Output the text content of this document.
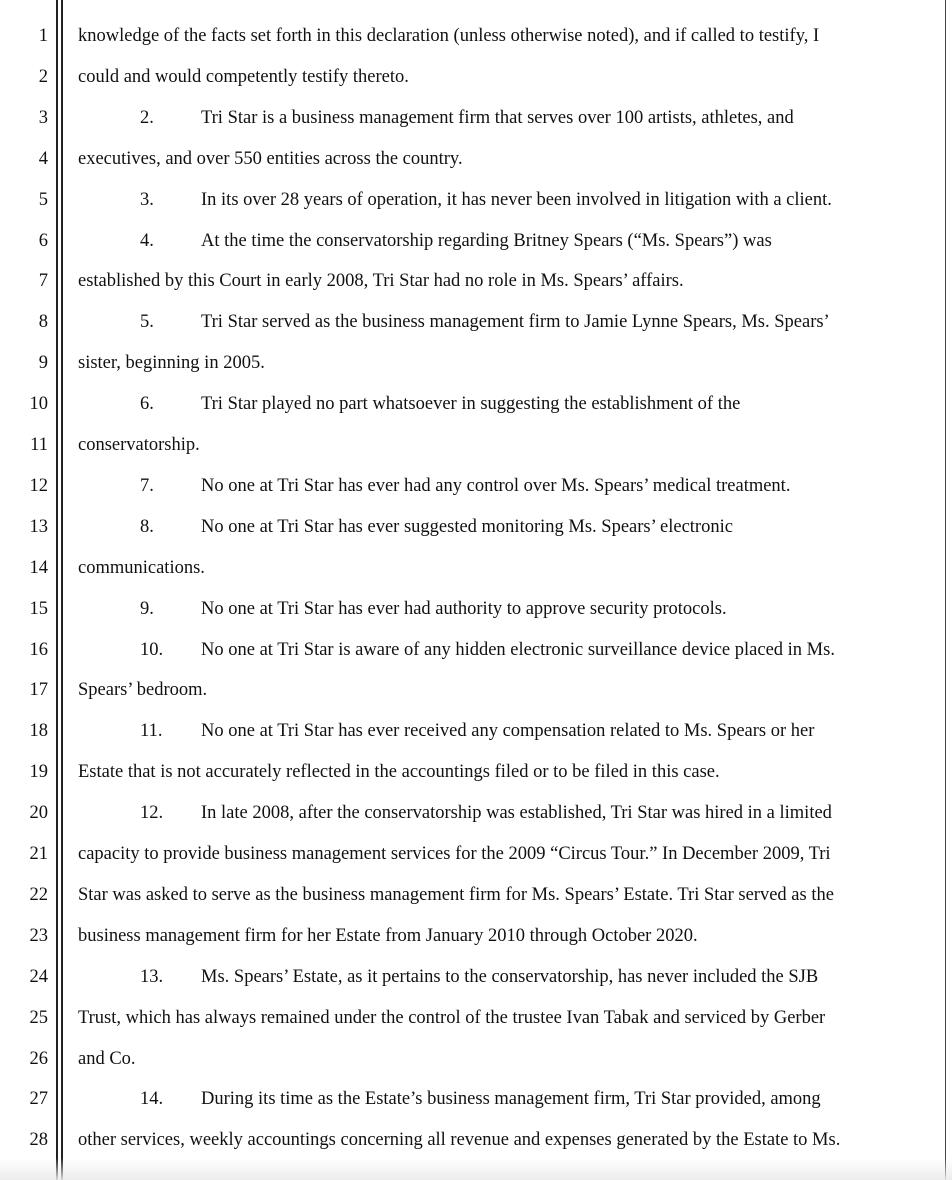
1
2
3
4
5
6
7
8
9
10
11
12
13
14
15
16
17
18
19
20
21
22
23
24
25
26
27
28
knowledge of the facts set forth in this declaration (unless otherwise noted), and if called to testify, I
could and would competently testify thereto.
2.	Tri Star is a business management firm that serves over 100 artists, athletes, and
executives, and over 550 entities across the country.
3.	In its over 28 years of operation, it has never been involved in litigation with a client.
4.	At the time the conservatorship regarding Britney Spears (“Ms. Spears”) was
established by this Court in early 2008, Tri Star had no role in Ms. Spears’ affairs.
5.	Tri Star served as the business management firm to Jamie Lynne Spears, Ms. Spears’
sister, beginning in 2005.
6.	Tri Star played no part whatsoever in suggesting the establishment of the
conservatorship.
7.	No one at Tri Star has ever had any control over Ms. Spears’ medical treatment.
8.	No one at Tri Star has ever suggested monitoring Ms. Spears’ electronic
communications.
9.	No one at Tri Star has ever had authority to approve security protocols.
10. No one at Tri Star is aware of any hidden electronic surveillance device placed in Ms.
Spears’ bedroom.
11. No one at Tri Star has ever received any compensation related to Ms. Spears or her
Estate that is not accurately reflected in the accountings filed or to be filed in this case.
12. In late 2008, after the conservatorship was established, Tri Star was hired in a limited
capacity to provide business management services for the 2009 “Circus Tour.” In December 2009, Tri
Star was asked to serve as the business management firm for Ms. Spears’ Estate. Tri Star served as the
business management firm for her Estate from January 2010 through October 2020.
13. Ms. Spears’ Estate, as it pertains to the conservatorship, has never included the SJB
Trust, which has always remained under the control of the trustee Ivan Tabak and serviced by Gerber
and Co.
14. During its time as the Estate’s business management firm, Tri Star provided, among
other services, weekly accountings concerning all revenue and expenses generated by the Estate to Ms.
